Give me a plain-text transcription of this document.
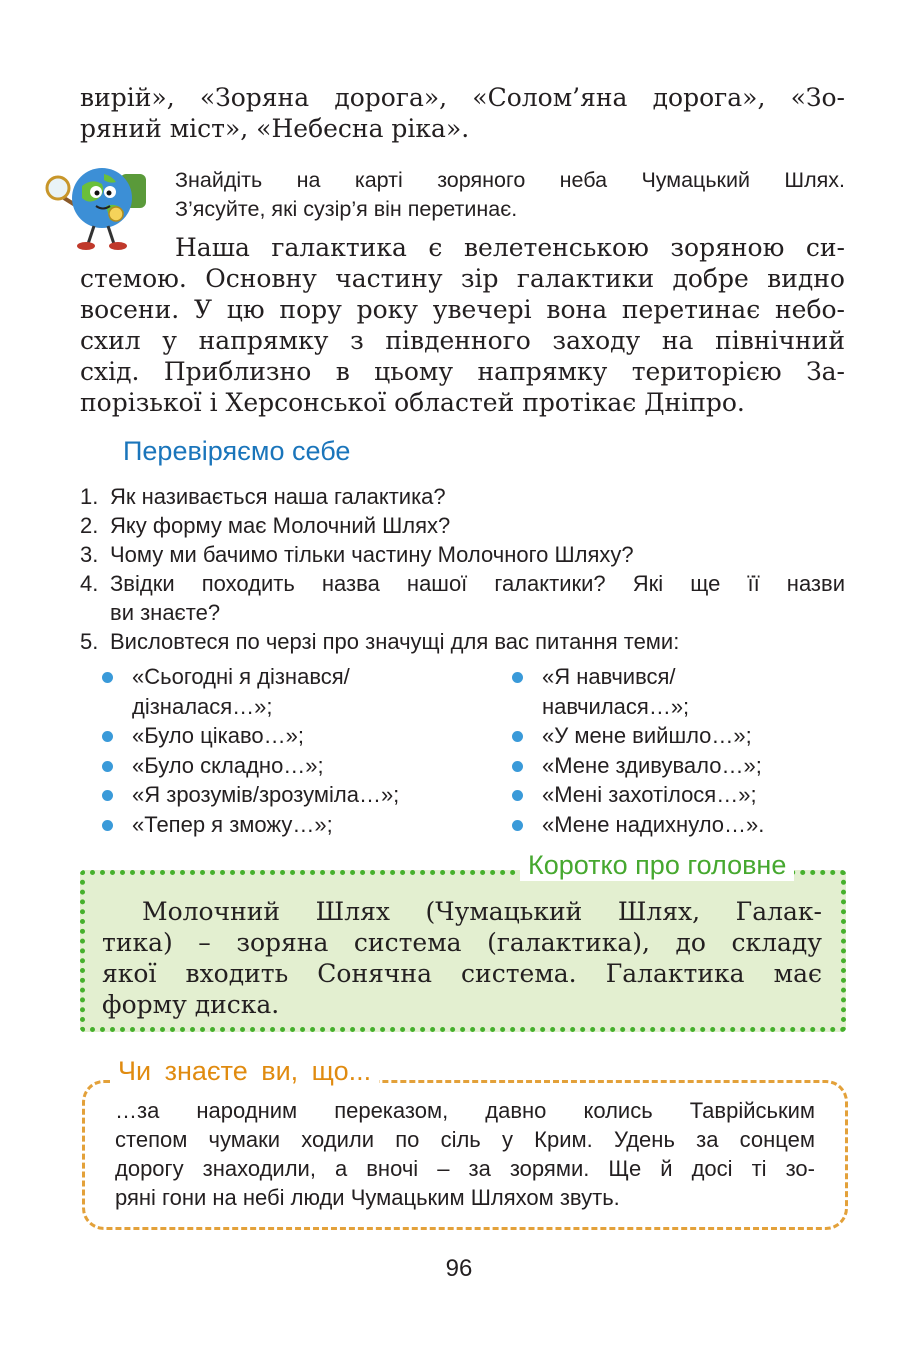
вирій», «Зоряна дорога», «Солом’яна дорога», «Зо-
ряний міст», «Небесна ріка».
Знайдіть на карті зоряного неба Чумацький Шлях.
З’ясуйте, які сузір’я він перетинає.
Наша галактика є велетенською зоряною си-
стемою. Основну частину зір галактики добре видно
восени. У цю пору року увечері вона перетинає небо-
схил у напрямку з південного заходу на північний
схід. Приблизно в цьому напрямку територією За-
порізької і Херсонської областей протікає Дніпро.
Перевіряємо себе
1. Як називається наша галактика?
2. Яку форму має Молочний Шлях?
3. Чому ми бачимо тільки частину Молочного Шляху?
4. Звідки походить назва нашої галактики? Які ще її назви
ви знаєте?
5. Висловтеся по черзі про значущі для вас питання теми:
«Сьогодні я дізнався/
дізналася…»;
«Було цікаво…»;
«Було складно…»;
«Я зрозумів/зрозуміла…»;
«Тепер я зможу…»;
«Я навчився/
навчилася…»;
«У мене вийшло…»;
«Мене здивувало…»;
«Мені захотілося…»;
«Мене надихнуло…».
Коротко про головне
Молочний Шлях (Чумацький Шлях, Галак-
тика) – зоряна система (галактика), до складу
якої входить Сонячна система. Галактика має
форму диска.
Чи знаєте ви, що...
…за народним переказом, давно колись Таврійським
степом чумаки ходили по сіль у Крим. Удень за сонцем
дорогу знаходили, а вночі – за зорями. Ще й досі ті зо-
ряні гони на небі люди Чумацьким Шляхом звуть.
96
